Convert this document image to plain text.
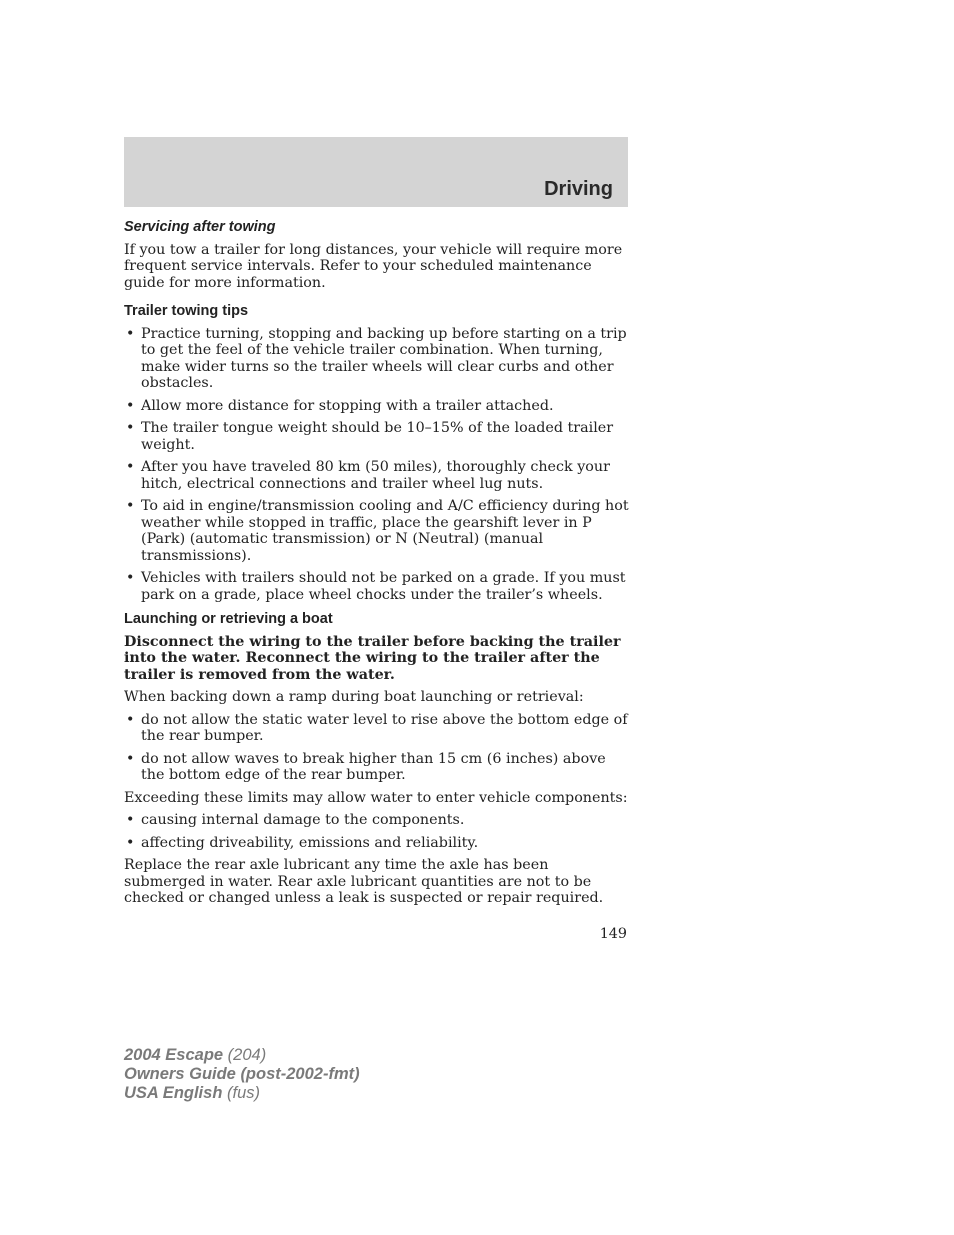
Driving
Servicing after towing

If you tow a trailer for long distances, your vehicle will require more frequent service intervals. Refer to your scheduled maintenance guide for more information.

Trailer towing tips
• Practice turning, stopping and backing up before starting on a trip to get the feel of the vehicle trailer combination. When turning, make wider turns so the trailer wheels will clear curbs and other obstacles.
• Allow more distance for stopping with a trailer attached.
• The trailer tongue weight should be 10–15% of the loaded trailer weight.
• After you have traveled 80 km (50 miles), thoroughly check your hitch, electrical connections and trailer wheel lug nuts.
• To aid in engine/transmission cooling and A/C efficiency during hot weather while stopped in traffic, place the gearshift lever in P (Park) (automatic transmission) or N (Neutral) (manual transmissions).
• Vehicles with trailers should not be parked on a grade. If you must park on a grade, place wheel chocks under the trailer’s wheels.
Launching or retrieving a boat

Disconnect the wiring to the trailer before backing the trailer into the water. Reconnect the wiring to the trailer after the trailer is removed from the water.

When backing down a ramp during boat launching or retrieval:

• do not allow the static water level to rise above the bottom edge of the rear bumper.
• do not allow waves to break higher than 15 cm (6 inches) above the bottom edge of the rear bumper.

Exceeding these limits may allow water to enter vehicle components:

• causing internal damage to the components.
• affecting driveability, emissions and reliability.

Replace the rear axle lubricant any time the axle has been submerged in water. Rear axle lubricant quantities are not to be checked or changed unless a leak is suspected or repair required.

149
2004 Escape (204)
Owners Guide (post-2002-fmt)
USA English (fus)
